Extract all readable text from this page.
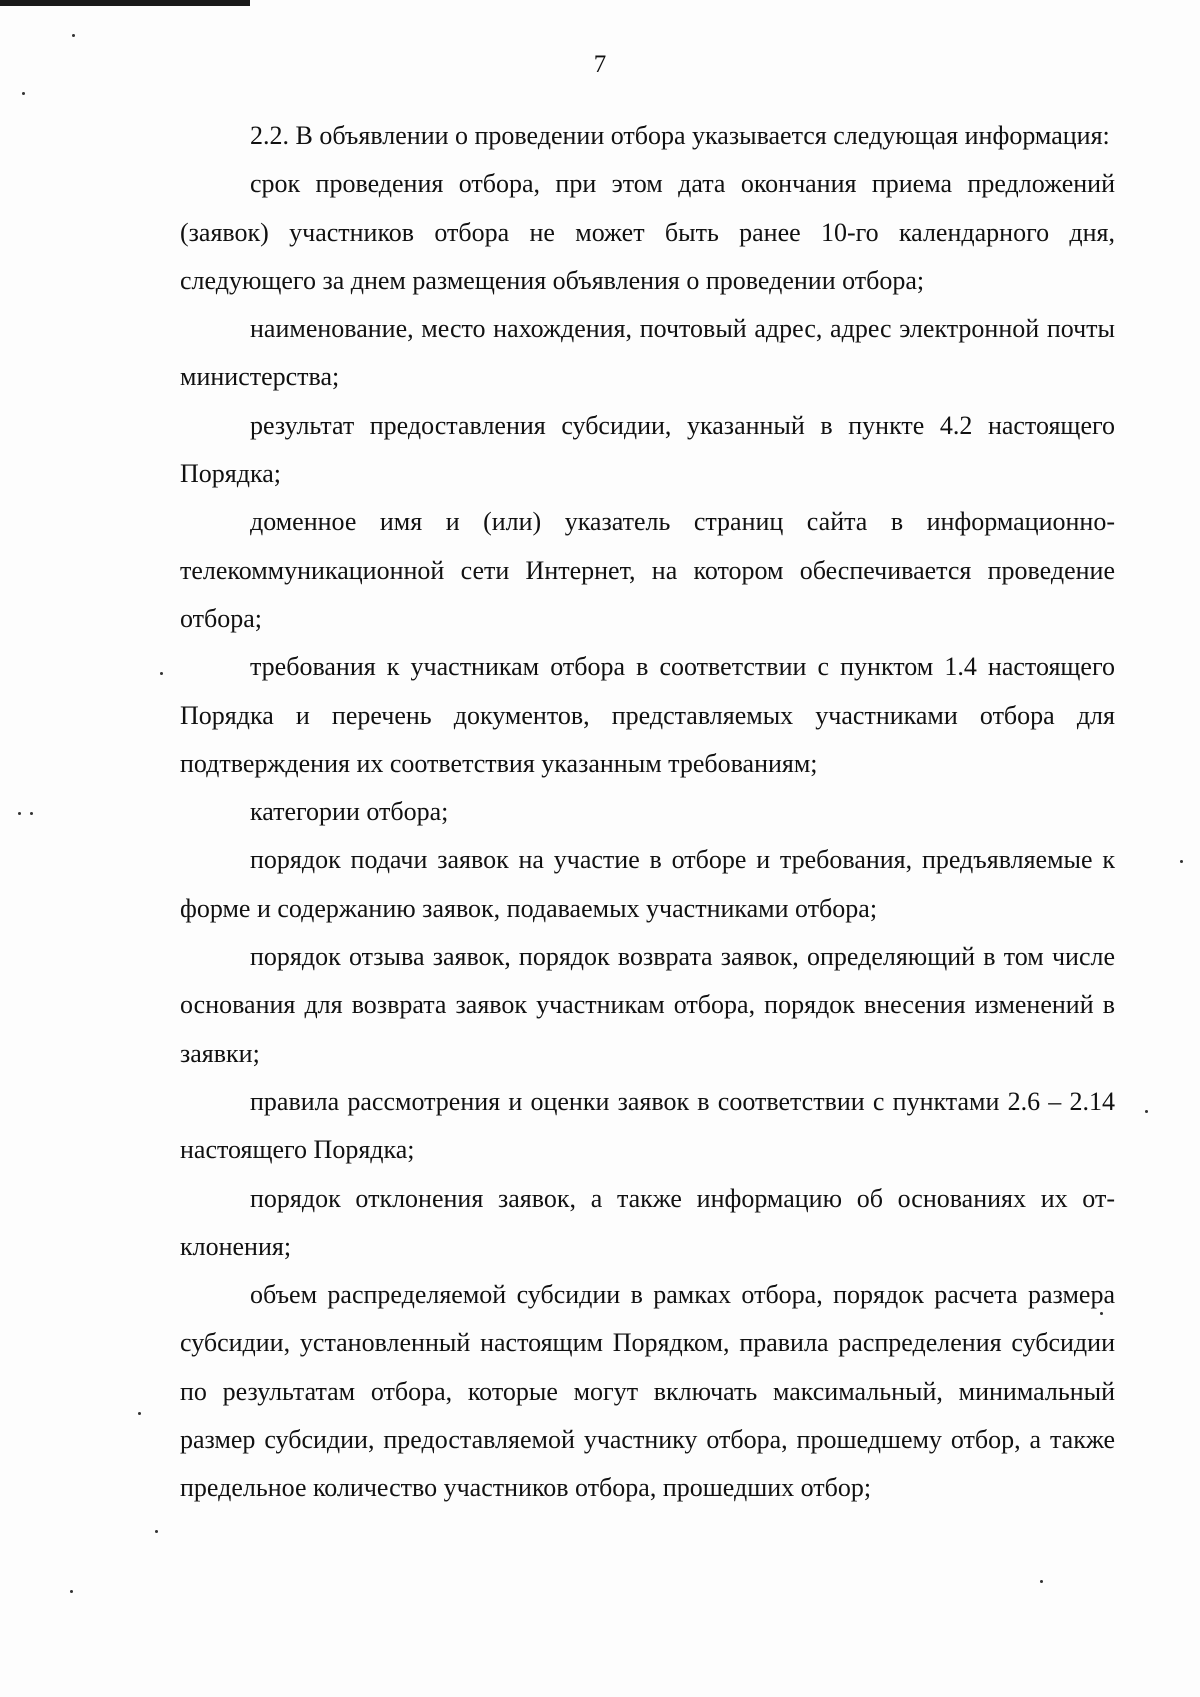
7

2.2. В объявлении о проведении отбора указывается следующая информация:

срок проведения отбора, при этом дата окончания приема предложений (заявок) участников отбора не может быть ранее 10-го календарного дня, следующего за днем размещения объявления о проведении отбора;

наименование, место нахождения, почтовый адрес, адрес электронной почты министерства;

результат предоставления субсидии, указанный в пункте 4.2 настоящего Порядка;

доменное имя и (или) указатель страниц сайта в информационно-телекоммуникационной сети Интернет, на котором обеспечивается проведение отбора;

требования к участникам отбора в соответствии с пунктом 1.4 настоящего Порядка и перечень документов, представляемых участниками отбора для подтверждения их соответствия указанным требованиям;

категории отбора;

порядок подачи заявок на участие в отборе и требования, предъявляемые к форме и содержанию заявок, подаваемых участниками отбора;

порядок отзыва заявок, порядок возврата заявок, определяющий в том числе основания для возврата заявок участникам отбора, порядок внесения изменений в заявки;

правила рассмотрения и оценки заявок в соответствии с пунктами 2.6 – 2.14 настоящего Порядка;

порядок отклонения заявок, а также информацию об основаниях их отклонения;

объем распределяемой субсидии в рамках отбора, порядок расчета размера субсидии, установленный настоящим Порядком, правила распределения субсидии по результатам отбора, которые могут включать максимальный, минимальный размер субсидии, предоставляемой участнику отбора, прошедшему отбор, а также предельное количество участников отбора, прошедших отбор;
